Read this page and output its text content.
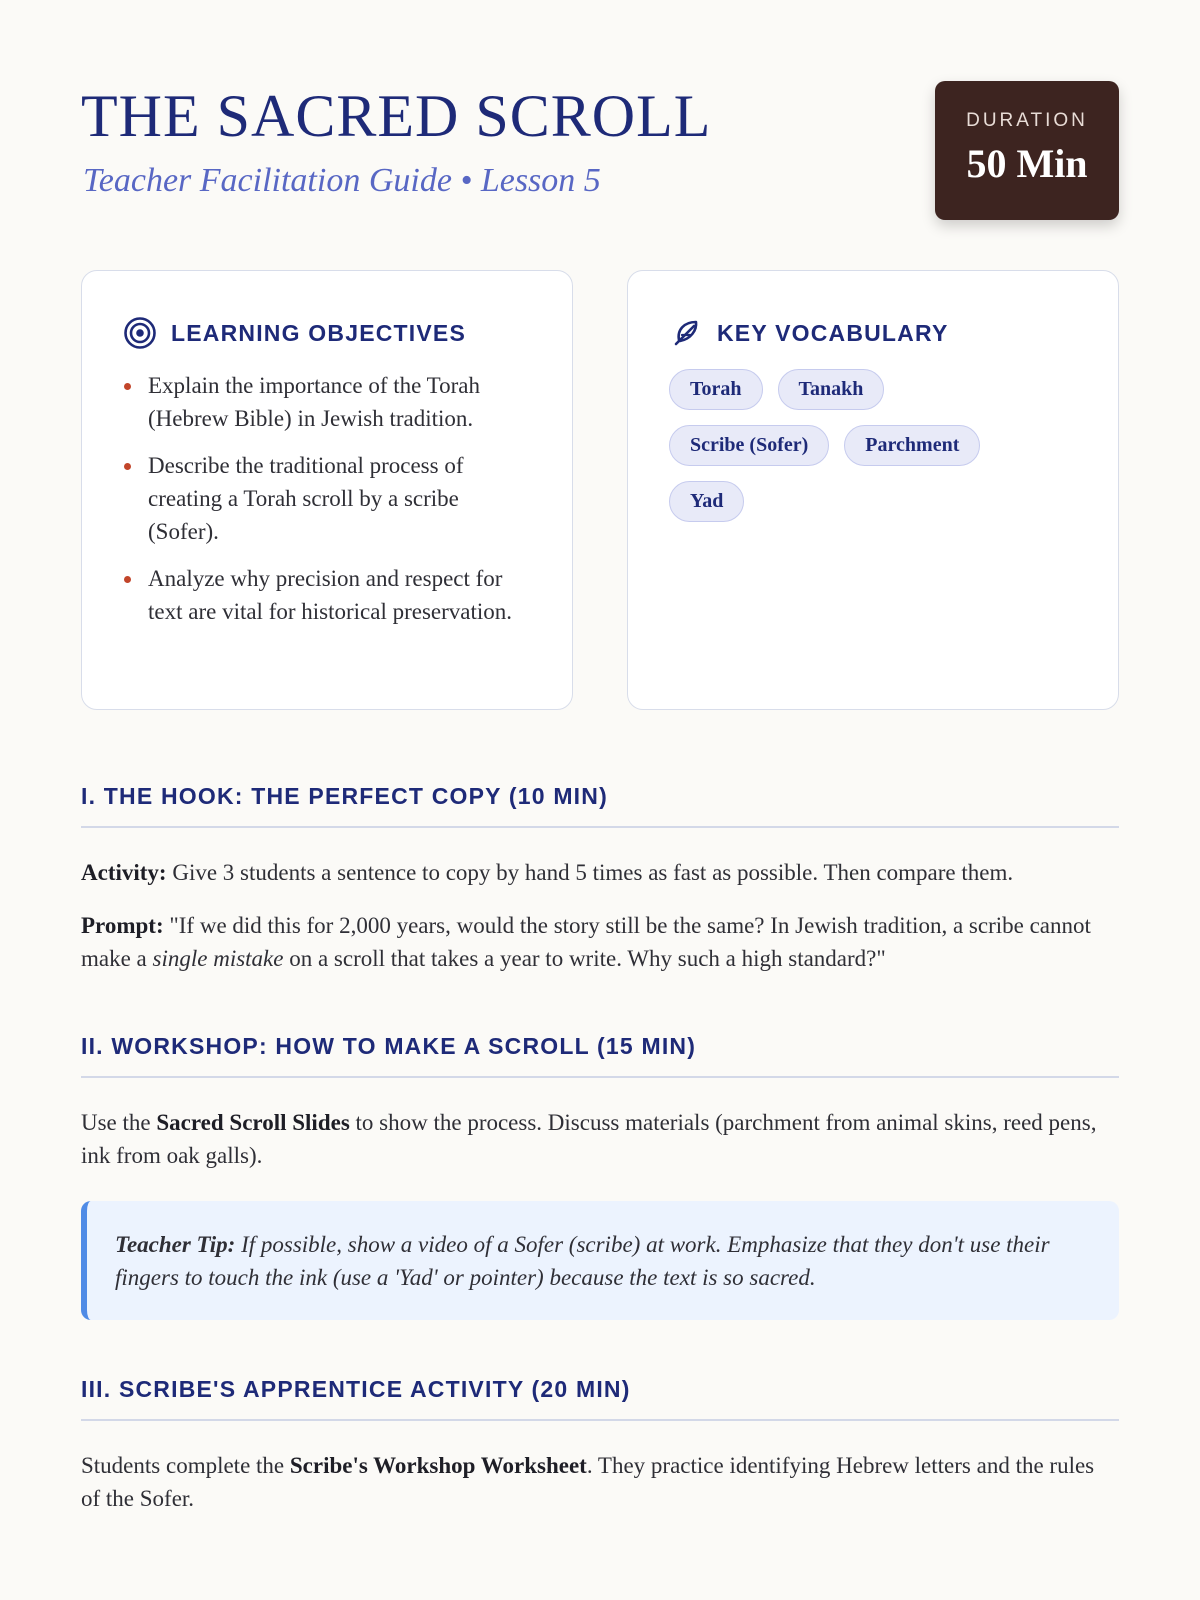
THE SACRED SCROLL
Teacher Facilitation Guide • Lesson 5
DURATION
50 Min
LEARNING OBJECTIVES
Explain the importance of the Torah (Hebrew Bible) in Jewish tradition.
Describe the traditional process of creating a Torah scroll by a scribe (Sofer).
Analyze why precision and respect for text are vital for historical preservation.
KEY VOCABULARY
Torah	Tanakh
Scribe (Sofer)	Parchment
Yad
I. THE HOOK: THE PERFECT COPY (10 MIN)

Activity: Give 3 students a sentence to copy by hand 5 times as fast as possible. Then compare them.

Prompt: "If we did this for 2,000 years, would the story still be the same? In Jewish tradition, a scribe cannot make a single mistake on a scroll that takes a year to write. Why such a high standard?"

II. WORKSHOP: HOW TO MAKE A SCROLL (15 MIN)

Use the Sacred Scroll Slides to show the process. Discuss materials (parchment from animal skins, reed pens, ink from oak galls).

Teacher Tip: If possible, show a video of a Sofer (scribe) at work. Emphasize that they don't use their fingers to touch the ink (use a 'Yad' or pointer) because the text is so sacred.
III. SCRIBE'S APPRENTICE ACTIVITY (20 MIN)

Students complete the Scribe's Workshop Worksheet. They practice identifying Hebrew letters and the rules of the Sofer.
